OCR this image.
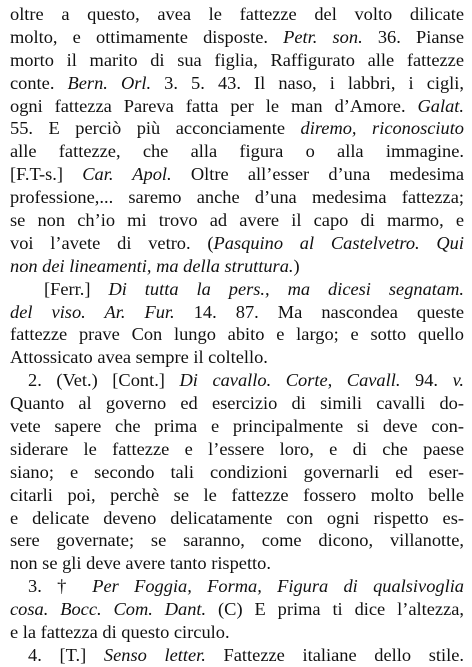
oltre a questo, avea le fattezze del volto dilicate
molto, e ottimamente disposte. Petr. son. 36. Pianse
morto il marito di sua figlia, Raffigurato alle fattezze
conte. Bern. Orl. 3. 5. 43. Il naso, i labbri, i cigli,
ogni fattezza Pareva fatta per le man d’Amore. Galat.
55. E perciò più acconciamente diremo, riconosciuto
alle fattezze, che alla figura o alla immagine.
[F.T-s.] Car. Apol. Oltre all’esser d’una medesima
professione,... saremo anche d’una medesima fattezza;
se non ch’io mi trovo ad avere il capo di marmo, e
voi l’avete di vetro. (Pasquino al Castelvetro. Qui
non dei lineamenti, ma della struttura.)
[Ferr.] Di tutta la pers., ma dicesi segnatam.
del viso. Ar. Fur. 14. 87. Ma nascondea queste
fattezze prave Con lungo abito e largo; e sotto quello
Attossicato avea sempre il coltello.
2. (Vet.) [Cont.] Di cavallo. Corte, Cavall. 94. v.
Quanto al governo ed esercizio di simili cavalli do-
vete sapere che prima e principalmente si deve con-
siderare le fattezze e l’essere loro, e di che paese
siano; e secondo tali condizioni governarli ed eser-
citarli poi, perchè se le fattezze fossero molto belle
e delicate deveno delicatamente con ogni rispetto es-
sere governate; se saranno, come dicono, villanotte,
non se gli deve avere tanto rispetto.
3. † Per Foggia, Forma, Figura di qualsivoglia
cosa. Bocc. Com. Dant. (C) E prima ti dice l’altezza,
e la fattezza di questo circulo.
4. [T.] Senso letter. Fattezze italiane dello stile.
